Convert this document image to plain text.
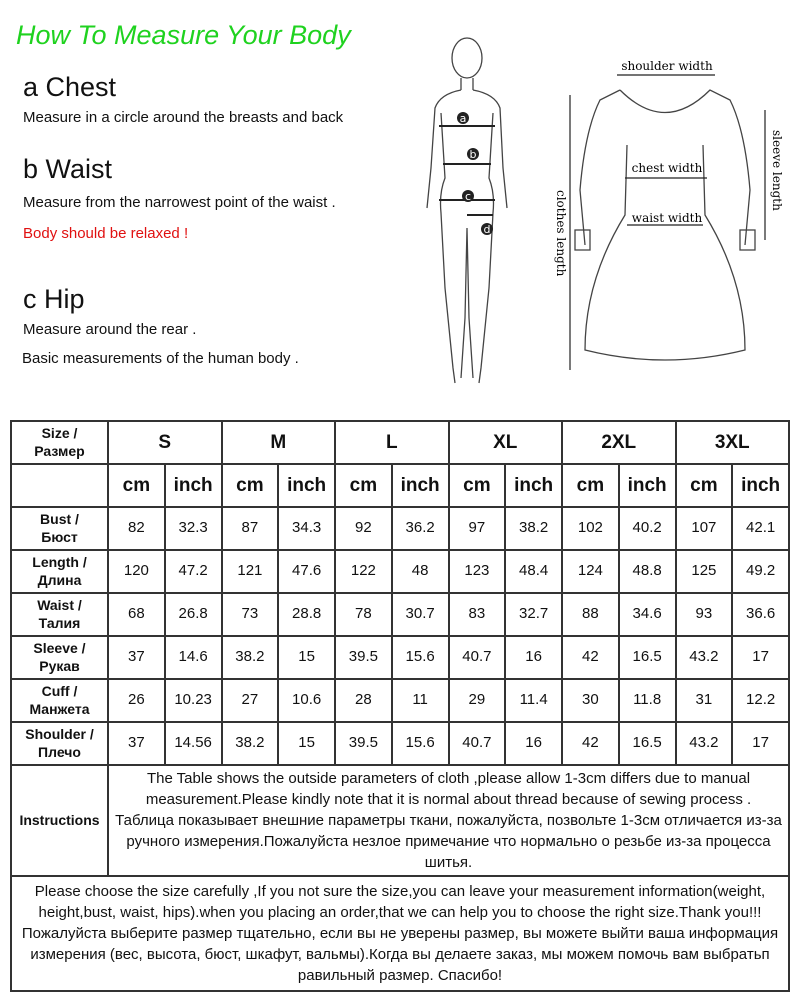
How To Measure Your Body
a Chest
Measure in a circle around the breasts and back
b Waist
Measure from the narrowest point of the waist .
Body should be relaxed !
c Hip
Measure around the rear .
Basic measurements of the human body .
a
b
c
d
shoulder width
chest width
waist width
sleeve length
clothes length
Size /
Размер	S		M		L		XL		2XL		3XL	
	cm	inch	cm	inch	cm	inch	cm	inch	cm	inch	cm	inch

Bust /
Бюст	82	32.3	87	34.3	92	36.2	97	38.2	102	40.2	107	42.1

Length /
Длина	120	47.2	121	47.6	122	48	123	48.4	124	48.8	125	49.2

Waist /
Талия	68	26.8	73	28.8	78	30.7	83	32.7	88	34.6	93	36.6

Sleeve /
Рукав	37	14.6	38.2	15	39.5	15.6	40.7	16	42	16.5	43.2	17

Cuff /
Манжета	26	10.23	27	10.6	28	11	29	11.4	30	11.8	31	12.2

Shoulder /
Плечо	37	14.56	38.2	15	39.5	15.6	40.7	16	42	16.5	43.2	17
Instructions	The Table shows the outside parameters of cloth ,please allow 1-3cm differs due to manual measurement.Please kindly note that it is normal about thread because of sewing process . Таблица показывает внешние параметры ткани, пожалуйста, позвольте 1-3см отличается из-за ручного измерения.Пожалуйста незлое примечание что нормально о резьбе из-за процесса шитья.											
Please choose the size carefully ,If you not sure the size,you can leave your measurement information(weight, height,bust, waist, hips).when you placing an order,that we can help you to choose the right size.Thank you!!! Пожалуйста выберите размер тщательно, если вы не уверены размер, вы можете выйти ваша информация измерения (вес, высота, бюст, шкафут, вальмы).Когда вы делаете заказ, мы можем помочь вам выбратьп равильный размер. Спасибо!												
